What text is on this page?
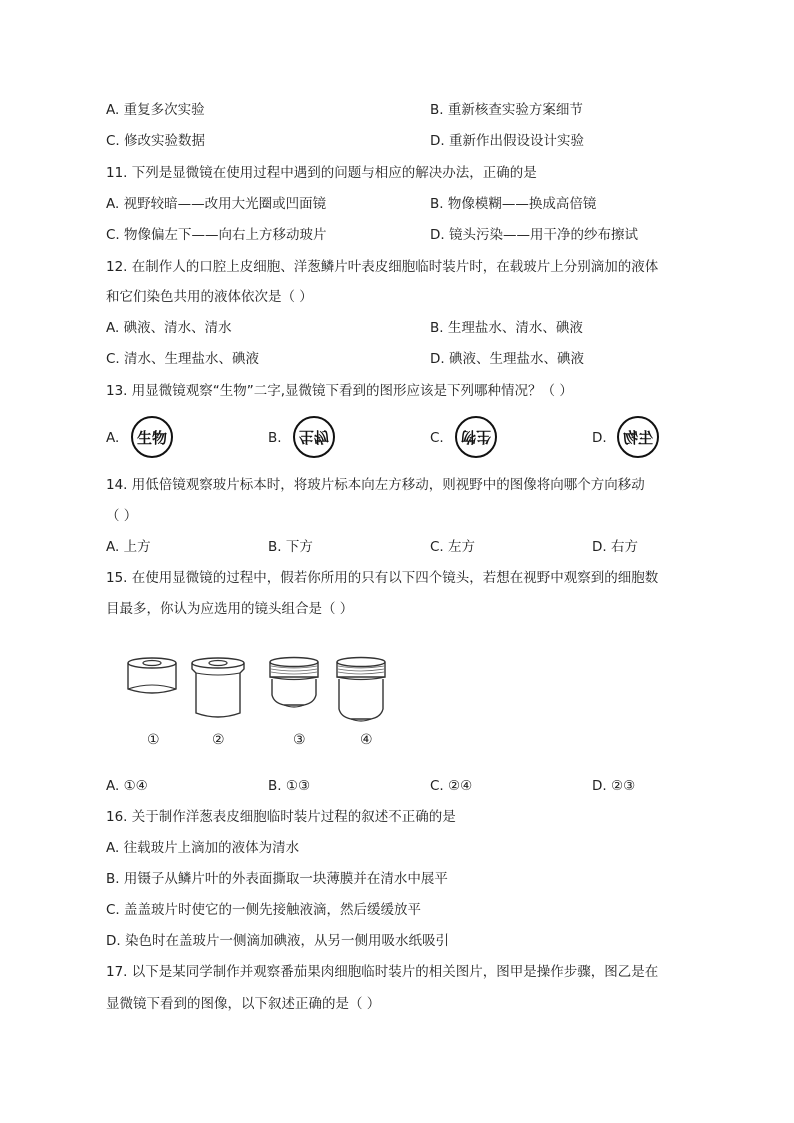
A. 重复多次实验	B. 重新核查实验方案细节
C. 修改实验数据	D. 重新作出假设设计实验
11. 下列是显微镜在使用过程中遇到的问题与相应的解决办法，正确的是
A. 视野较暗——改用大光圈或凹面镜	B. 物像模糊——换成高倍镜
C. 物像偏左下——向右上方移动玻片	D. 镜头污染——用干净的纱布擦试
12. 在制作人的口腔上皮细胞、洋葱鳞片叶表皮细胞临时装片时，在载玻片上分别滴加的液体
和它们染色共用的液体依次是（ ）
A. 碘液、清水、清水	B. 生理盐水、清水、碘液
C. 清水、生理盐水、碘液	D. 碘液、生理盐水、碘液
13. 用显微镜观察“生物”二字,显微镜下看到的图形应该是下列哪种情况？（ ）
A. 生物	B. 生物	C. 生物	D. 生物
14. 用低倍镜观察玻片标本时，将玻片标本向左方移动，则视野中的图像将向哪个方向移动
（ ）
A. 上方	B. 下方	C. 左方	D. 右方
15. 在使用显微镜的过程中，假若你所用的只有以下四个镜头，若想在视野中观察到的细胞数
目最多，你认为应选用的镜头组合是（ ）
①	②	③	④
A. ①④	B. ①③	C. ②④	D. ②③
16. 关于制作洋葱表皮细胞临时装片过程的叙述不正确的是
A. 往载玻片上滴加的液体为清水
B. 用镊子从鳞片叶的外表面撕取一块薄膜并在清水中展平
C. 盖盖玻片时使它的一侧先接触液滴，然后缓缓放平
D. 染色时在盖玻片一侧滴加碘液，从另一侧用吸水纸吸引
17. 以下是某同学制作并观察番茄果肉细胞临时装片的相关图片，图甲是操作步骤，图乙是在
显微镜下看到的图像，以下叙述正确的是（ ）
